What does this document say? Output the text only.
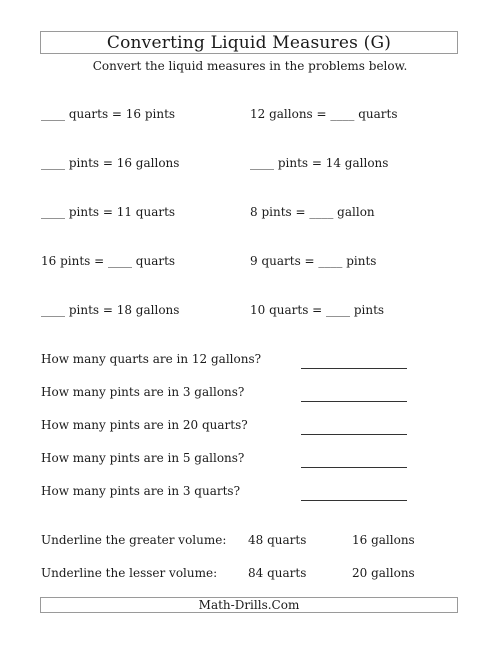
Converting Liquid Measures (G)
Convert the liquid measures in the problems below.
____ quarts = 16 pints	12 gallons = ____ quarts
____ pints = 16 gallons	____ pints = 14 gallons
____ pints = 11 quarts	8 pints = ____ gallon
16 pints = ____ quarts	9 quarts = ____ pints
____ pints = 18 gallons	10 quarts = ____ pints
How many quarts are in 12 gallons?
How many pints are in 3 gallons?
How many pints are in 20 quarts?
How many pints are in 5 gallons?
How many pints are in 3 quarts?
Underline the greater volume: 48 quarts	16 gallons
Underline the lesser volume:	84 quarts	20 gallons
Math-Drills.Com
